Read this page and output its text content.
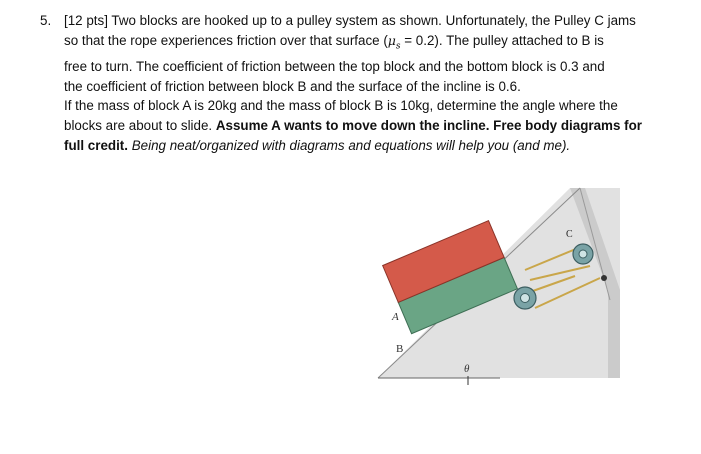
5. [12 pts] Two blocks are hooked up to a pulley system as shown. Unfortunately, the Pulley C jams
so that the rope experiences friction over that surface $(\mu_s = 0.2)$. The pulley attached to B is
free to turn. The coefficient of friction between the top block and the bottom block is 0.3 and
the coefficient of friction between block B and the surface of the incline is 0.6.
If the mass of block A is 20kg and the mass of block B is 10kg, determine the angle where the
blocks are about to slide. Assume A wants to move down the incline. Free body diagrams for
full credit. Being neat/organized with diagrams and equations will help you (and me).
A
B
C
θ
